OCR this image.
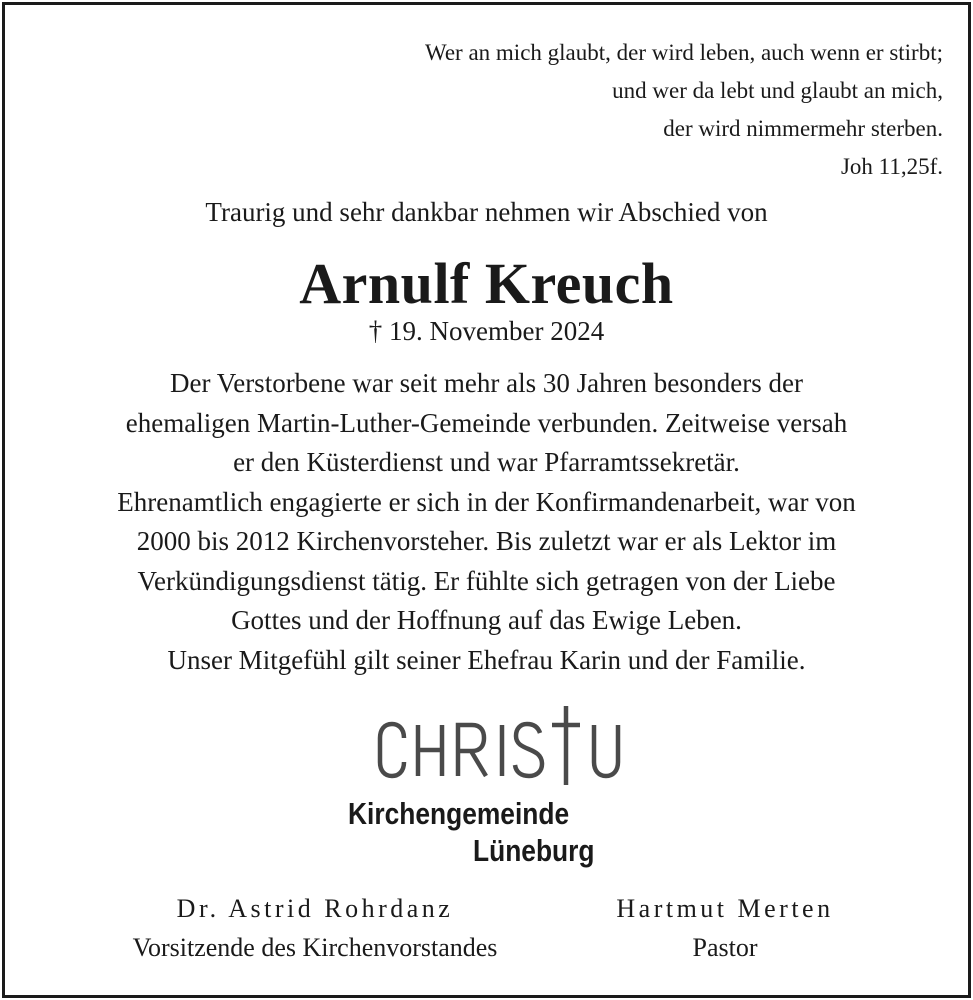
Wer an mich glaubt, der wird leben, auch wenn er stirbt;
und wer da lebt und glaubt an mich,
der wird nimmermehr sterben.
Joh 11,25f.
Traurig und sehr dankbar nehmen wir Abschied von
Arnulf Kreuch
† 19. November 2024
Der Verstorbene war seit mehr als 30 Jahren besonders der
ehemaligen Martin-Luther-Gemeinde verbunden. Zeitweise versah
er den Küsterdienst und war Pfarramtssekretär.
Ehrenamtlich engagierte er sich in der Konfirmandenarbeit, war von
2000 bis 2012 Kirchenvorsteher. Bis zuletzt war er als Lektor im
Verkündigungsdienst tätig. Er fühlte sich getragen von der Liebe
Gottes und der Hoffnung auf das Ewige Leben.
Unser Mitgefühl gilt seiner Ehefrau Karin und der Familie.
Kirchengemeinde
Lüneburg
Dr. Astrid Rohrdanz
Vorsitzende des Kirchenvorstandes
Hartmut Merten
Pastor
